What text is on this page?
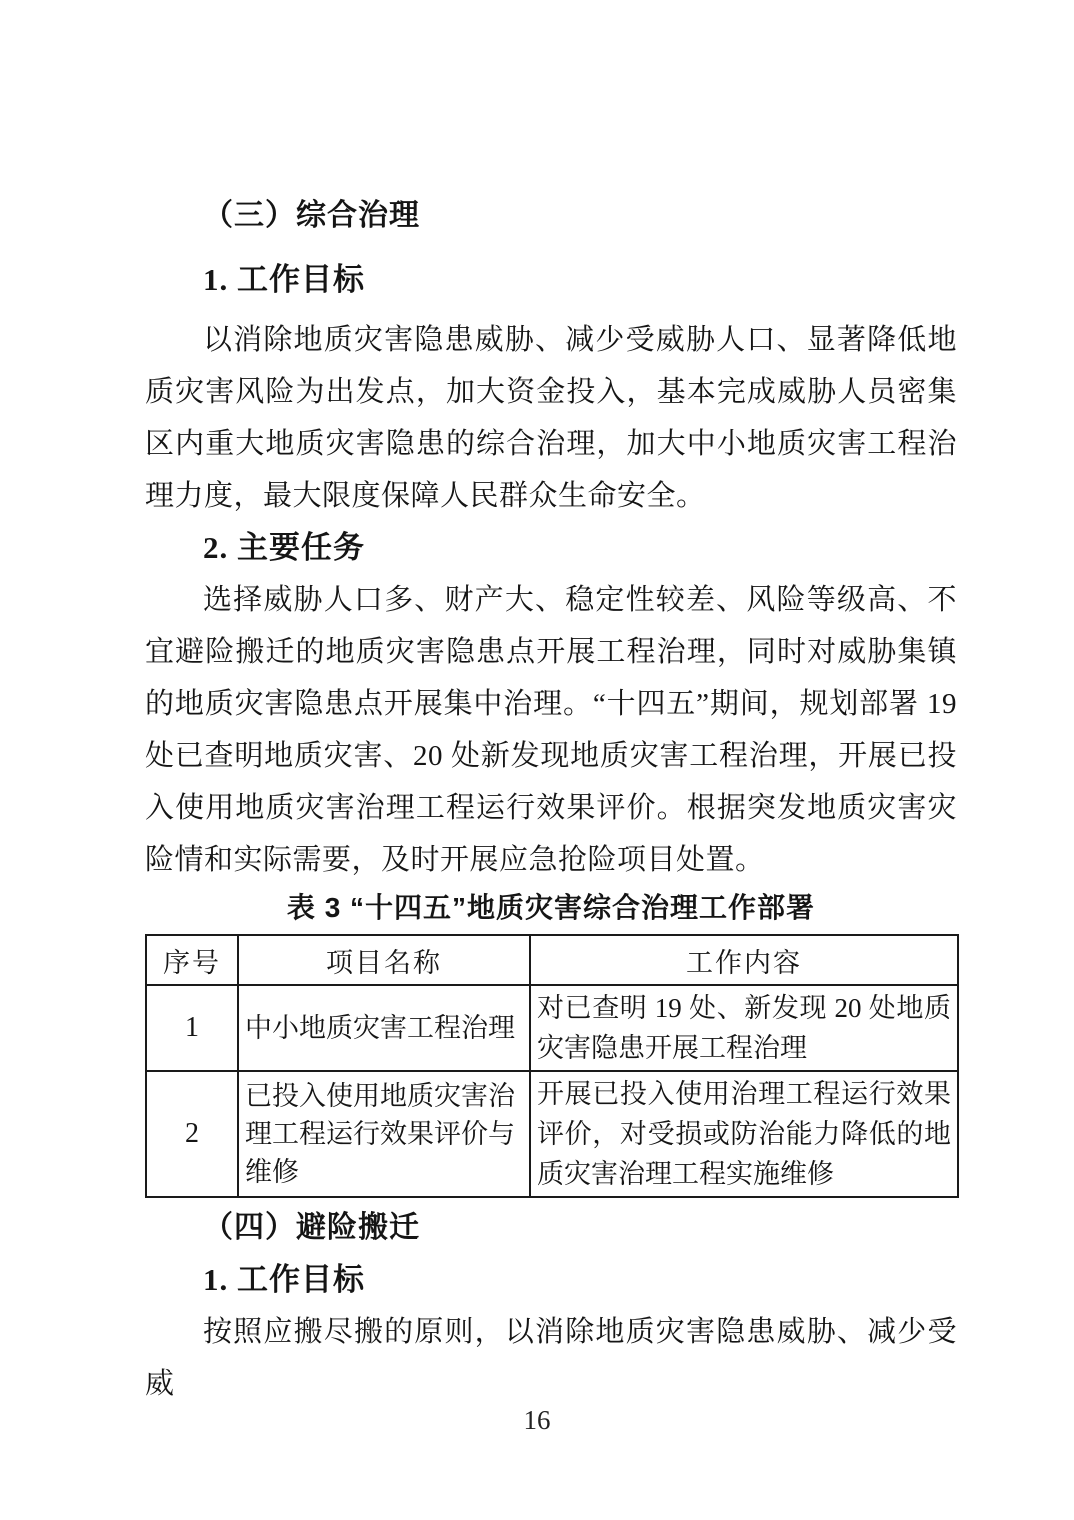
（三）综合治理
1. 工作目标

以消除地质灾害隐患威胁、减少受威胁人口、显著降低地质灾害风险为出发点，加大资金投入，基本完成威胁人员密集区内重大地质灾害隐患的综合治理，加大中小地质灾害工程治理力度，最大限度保障人民群众生命安全。

2. 主要任务

选择威胁人口多、财产大、稳定性较差、风险等级高、不宜避险搬迁的地质灾害隐患点开展工程治理，同时对威胁集镇的地质灾害隐患点开展集中治理。“十四五”期间，规划部署 19 处已查明地质灾害、20 处新发现地质灾害工程治理，开展已投入使用地质灾害治理工程运行效果评价。根据突发地质灾害灾险情和实际需要，及时开展应急抢险项目处置。

表 3 “十四五”地质灾害综合治理工作部署
序号	项目名称	工作内容
1	中小地质灾害工程治理	对已查明 19 处、新发现 20 处地质灾害隐患开展工程治理
2	已投入使用地质灾害治理工程运行效果评价与维修	开展已投入使用治理工程运行效果评价，对受损或防治能力降低的地质灾害治理工程实施维修
（四）避险搬迁
1. 工作目标

按照应搬尽搬的原则，以消除地质灾害隐患威胁、减少受威

16
